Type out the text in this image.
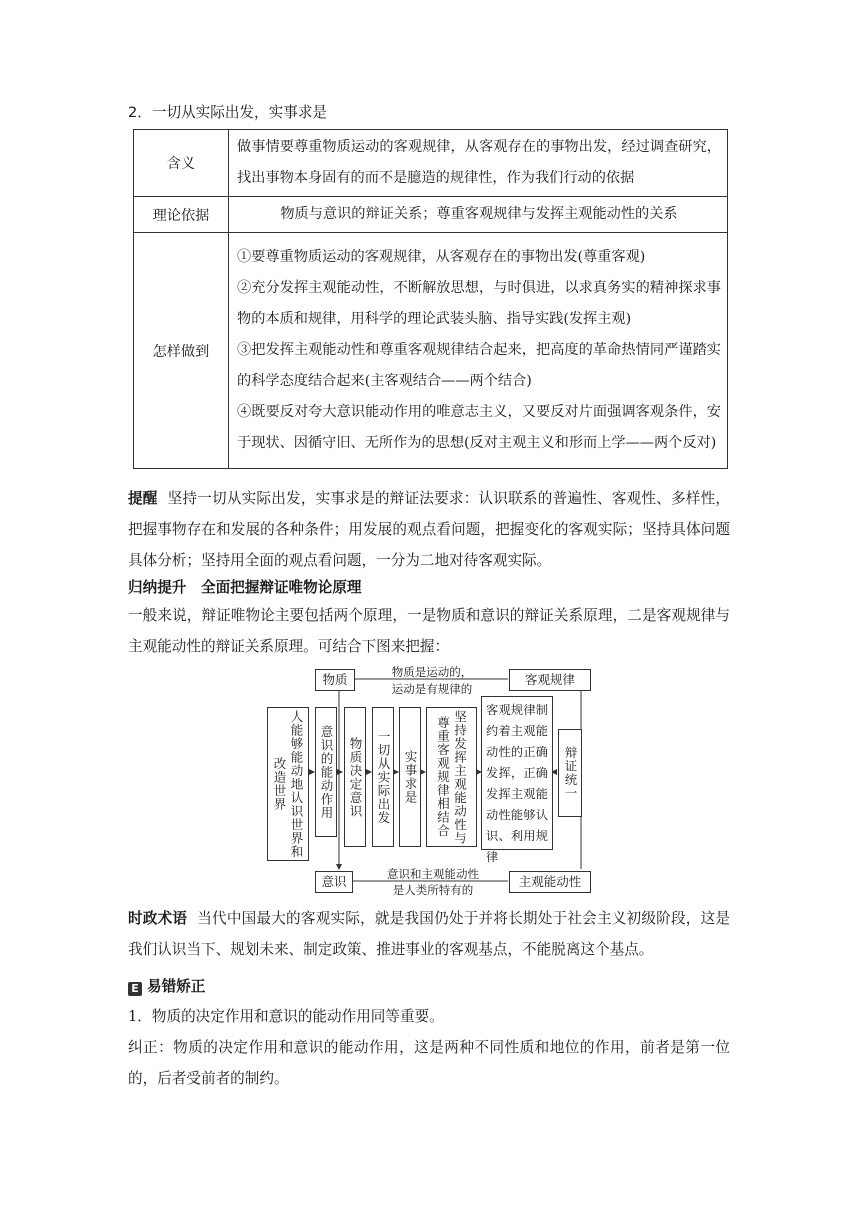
2．一切从实际出发，实事求是
含义	做事情要尊重物质运动的客观规律，从客观存在的事物出发，经过调查研究，找出事物本身固有的而不是臆造的规律性，作为我们行动的依据
理论依据	物质与意识的辩证关系；尊重客观规律与发挥主观能动性的关系
怎样做到	①要尊重物质运动的客观规律，从客观存在的事物出发(尊重客观)
②充分发挥主观能动性，不断解放思想，与时俱进，以求真务实的精神探求事物的本质和规律，用科学的理论武装头脑、指导实践(发挥主观)
③把发挥主观能动性和尊重客观规律结合起来，把高度的革命热情同严谨踏实的科学态度结合起来(主客观结合——两个结合)
④既要反对夸大意识能动作用的唯意志主义，又要反对片面强调客观条件，安于现状、因循守旧、无所作为的思想(反对主观主义和形而上学——两个反对)
提醒 坚持一切从实际出发，实事求是的辩证法要求：认识联系的普遍性、客观性、多样性，把握事物存在和发展的各种条件；用发展的观点看问题，把握变化的客观实际；坚持具体问题具体分析；坚持用全面的观点看问题，一分为二地对待客观实际。
归纳提升　全面把握辩证唯物论原理
一般来说，辩证唯物论主要包括两个原理，一是物质和意识的辩证关系原理，二是客观规律与主观能动性的辩证关系原理。可结合下图来把握：
物质	物质是运动的，
运动是有规律的
客观规律
人能够能动地认识世界和改造世界	意识的能动作用	物质决定意识	一切从实际出发 实事求是	坚持发挥主观能动性与尊重客观规律相结合
客观规律制约着主观能动性的正确发挥，正确发挥主观能动性能够认识、利用规律
辩证统一
意识	意识和主观能动性
是人类所特有的
主观能动性
时政术语 当代中国最大的客观实际，就是我国仍处于并将长期处于社会主义初级阶段，这是我们认识当下、规划未来、制定政策、推进事业的客观基点，不能脱离这个基点。
E 易错矫正
1．物质的决定作用和意识的能动作用同等重要。
纠正：物质的决定作用和意识的能动作用，这是两种不同性质和地位的作用，前者是第一位的，后者受前者的制约。
